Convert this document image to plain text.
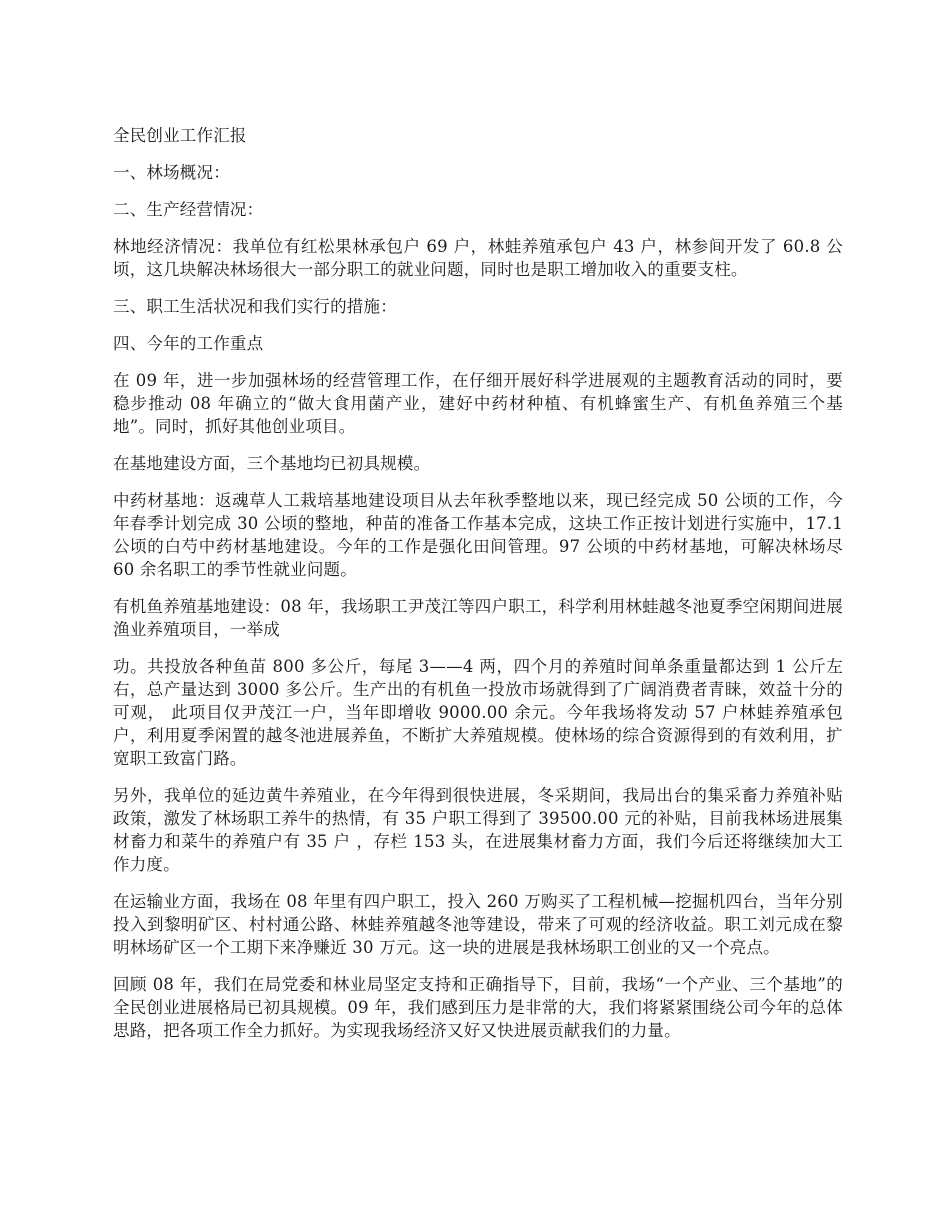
全民创业工作汇报

一、林场概况：

二、生产经营情况：

林地经济情况：我单位有红松果林承包户 69 户，林蛙养殖承包户 43 户，林参间开发了 60.8 公顷，这几块解决林场很大一部分职工的就业问题，同时也是职工增加收入的重要支柱。

三、职工生活状况和我们实行的措施：

四、今年的工作重点

在 09 年，进一步加强林场的经营管理工作，在仔细开展好科学进展观的主题教育活动的同时，要稳步推动 08 年确立的“做大食用菌产业，建好中药材种植、有机蜂蜜生产、有机鱼养殖三个基地”。同时，抓好其他创业项目。

在基地建设方面，三个基地均已初具规模。

中药材基地：返魂草人工栽培基地建设项目从去年秋季整地以来，现已经完成 50 公顷的工作，今年春季计划完成 30 公顷的整地，种苗的准备工作基本完成，这块工作正按计划进行实施中，17.1 公顷的白芍中药材基地建设。今年的工作是强化田间管理。97 公顷的中药材基地，可解决林场尽 60 余名职工的季节性就业问题。

有机鱼养殖基地建设：08 年，我场职工尹茂江等四户职工，科学利用林蛙越冬池夏季空闲期间进展渔业养殖项目，一举成

功。共投放各种鱼苗 800 多公斤，每尾 3——4 两，四个月的养殖时间单条重量都达到 1 公斤左右，总产量达到 3000 多公斤。生产出的有机鱼一投放市场就得到了广阔消费者青睐，效益十分的可观， 此项目仅尹茂江一户，当年即增收 9000.00 余元。今年我场将发动 57 户林蛙养殖承包户，利用夏季闲置的越冬池进展养鱼，不断扩大养殖规模。使林场的综合资源得到的有效利用，扩宽职工致富门路。

另外，我单位的延边黄牛养殖业，在今年得到很快进展，冬采期间，我局出台的集采畜力养殖补贴政策，激发了林场职工养牛的热情，有 35 户职工得到了 39500.00 元的补贴，目前我林场进展集材畜力和菜牛的养殖户有 35 户 ，存栏 153 头，在进展集材畜力方面，我们今后还将继续加大工作力度。

在运输业方面，我场在 08 年里有四户职工，投入 260 万购买了工程机械—挖掘机四台，当年分别投入到黎明矿区、村村通公路、林蛙养殖越冬池等建设，带来了可观的经济收益。职工刘元成在黎明林场矿区一个工期下来净赚近 30 万元。这一块的进展是我林场职工创业的又一个亮点。

回顾 08 年，我们在局党委和林业局坚定支持和正确指导下，目前，我场“一个产业、三个基地”的全民创业进展格局已初具规模。09 年，我们感到压力是非常的大，我们将紧紧围绕公司今年的总体思路，把各项工作全力抓好。为实现我场经济又好又快进展贡献我们的力量。
